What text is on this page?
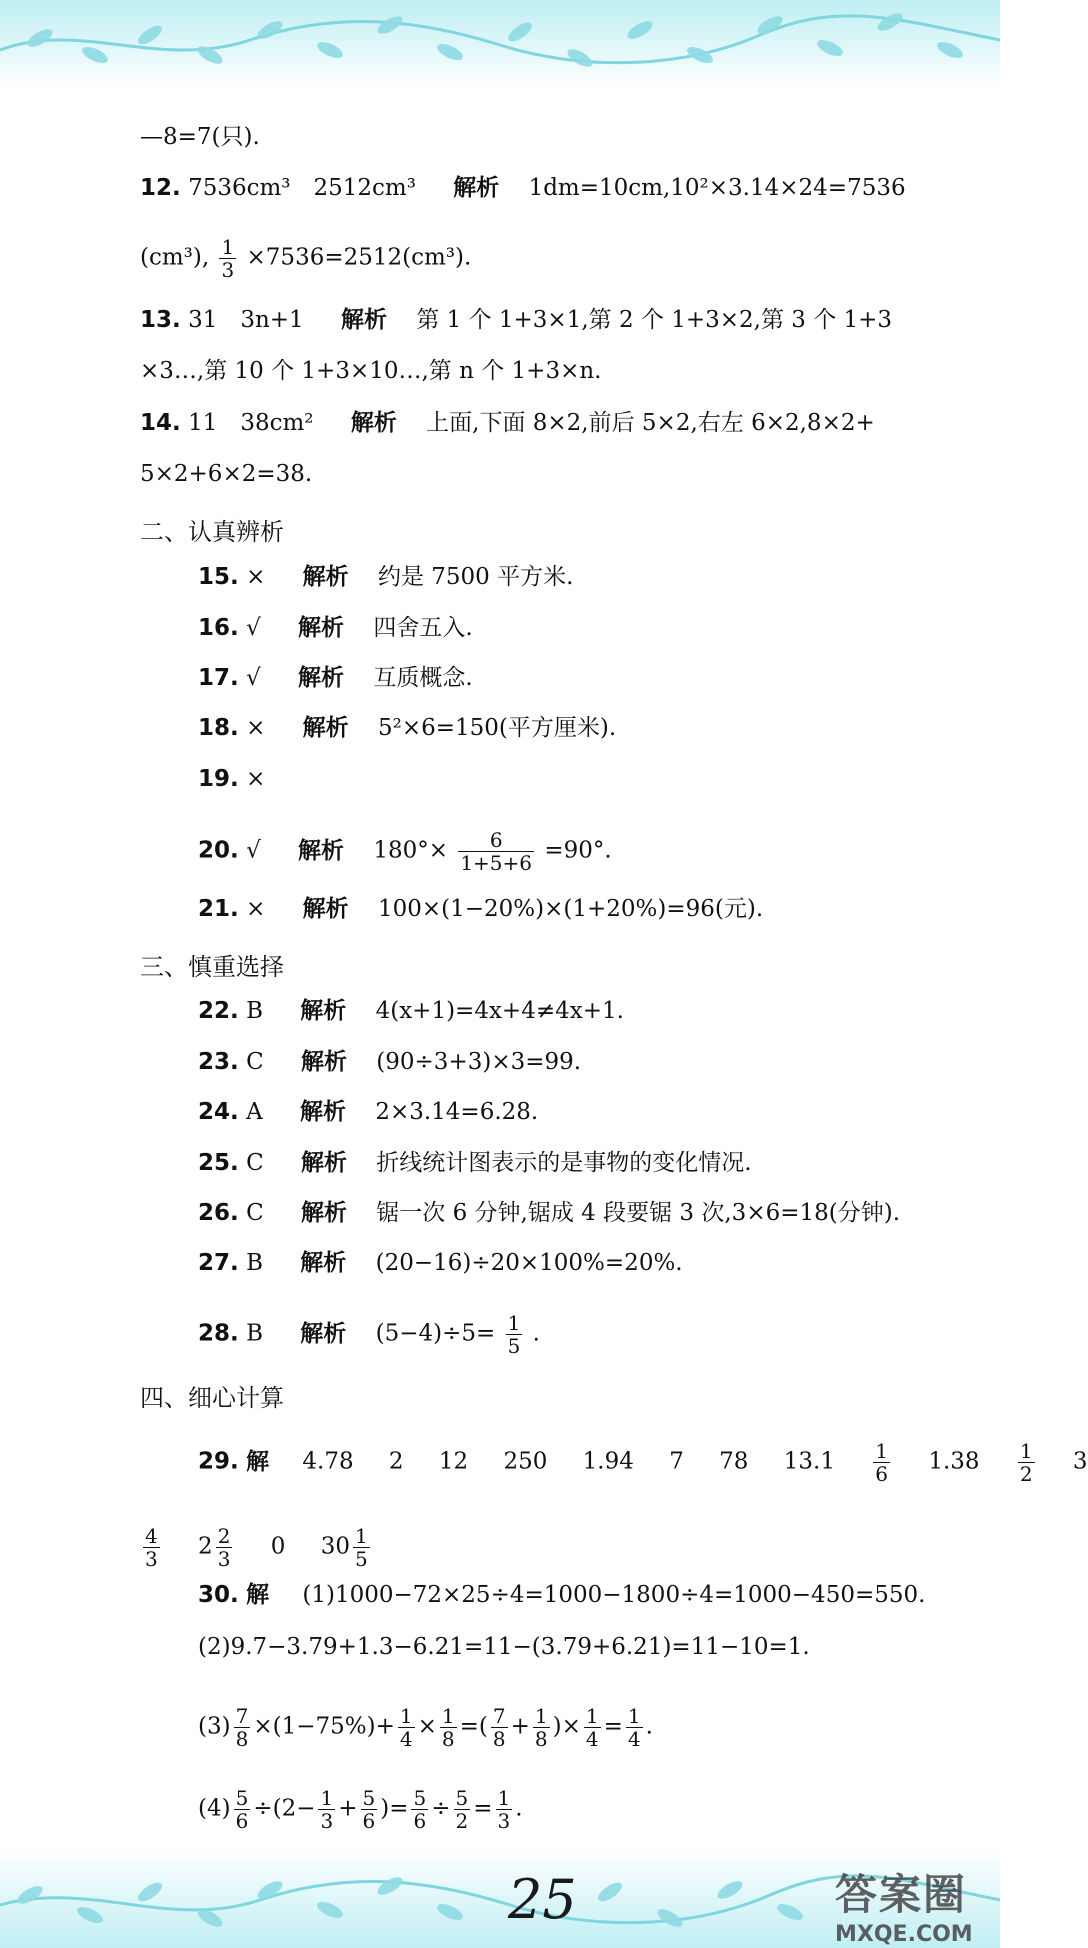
—8=7(只).
12. 7536cm³　2512cm³ 解析 1dm=10cm,10²×3.14×24=7536
(cm³), $\frac{1}{3} \times 7536=2512(cm^3)$.
13. 31　3n+1 解析 第 1 个 1+3×1,第 2 个 1+3×2,第 3 个 1+3
×3…,第 10 个 1+3×10…,第 n 个 1+3×n.
14. 11　38cm² 解析 上面,下面 8×2,前后 5×2,右左 6×2,8×2+
5×2+6×2=38.
二、认真辨析
15. × 解析 约是 7500 平方米.
16. √ 解析 四舍五入.
17. √ 解析 互质概念.
18. × 解析 5²×6=150(平方厘米).
19. ×
20. √ 解析 $180^\circ\times \frac{6}{1+5+6} =90^\circ$.
21. × 解析 100×(1−20%)×(1+20%)=96(元).
三、慎重选择
22. B 解析 4(x+1)=4x+4≠4x+1.
23. C 解析 (90÷3+3)×3=99.
24. A 解析 2×3.14=6.28.
25. C 解析 折线统计图表示的是事物的变化情况.
26. C 解析 锯一次 6 分钟,锯成 4 段要锯 3 次,3×6=18(分钟).
27. B 解析 (20−16)÷20×100%=20%.
28. B 解析 $(5-4)\div 5= \frac{1}{5}$ .
四、细心计算
29. 解 4.78 2 12 250 1.94 7 78 $13.1 \frac{1}{6} 1.38 \frac{1}{2} 3$
$\frac{4}{3} 2 \frac{2}{3} 0$ $30 \frac{1}{5}$
30. 解 (1)1000−72×25÷4=1000−1800÷4=1000−450=550.
(2)9.7−3.79+1.3−6.21=11−(3.79+6.21)=11−10=1.
$(3) \frac{7}{8} \times(1-75\%)+ \frac{1}{4} \times \frac{1}{8}$ =( $\frac{7}{8} + \frac{1}{8}$ )× $\frac{1}{4} = \frac{1}{4}$ .
$(4) \frac{5}{6} \div(2- \frac{1}{3} + \frac{5}{6}$ )= $\frac{5}{6} \div \frac{5}{2} = \frac{1}{3}$ .
25	答案圈
MXQE.COM
